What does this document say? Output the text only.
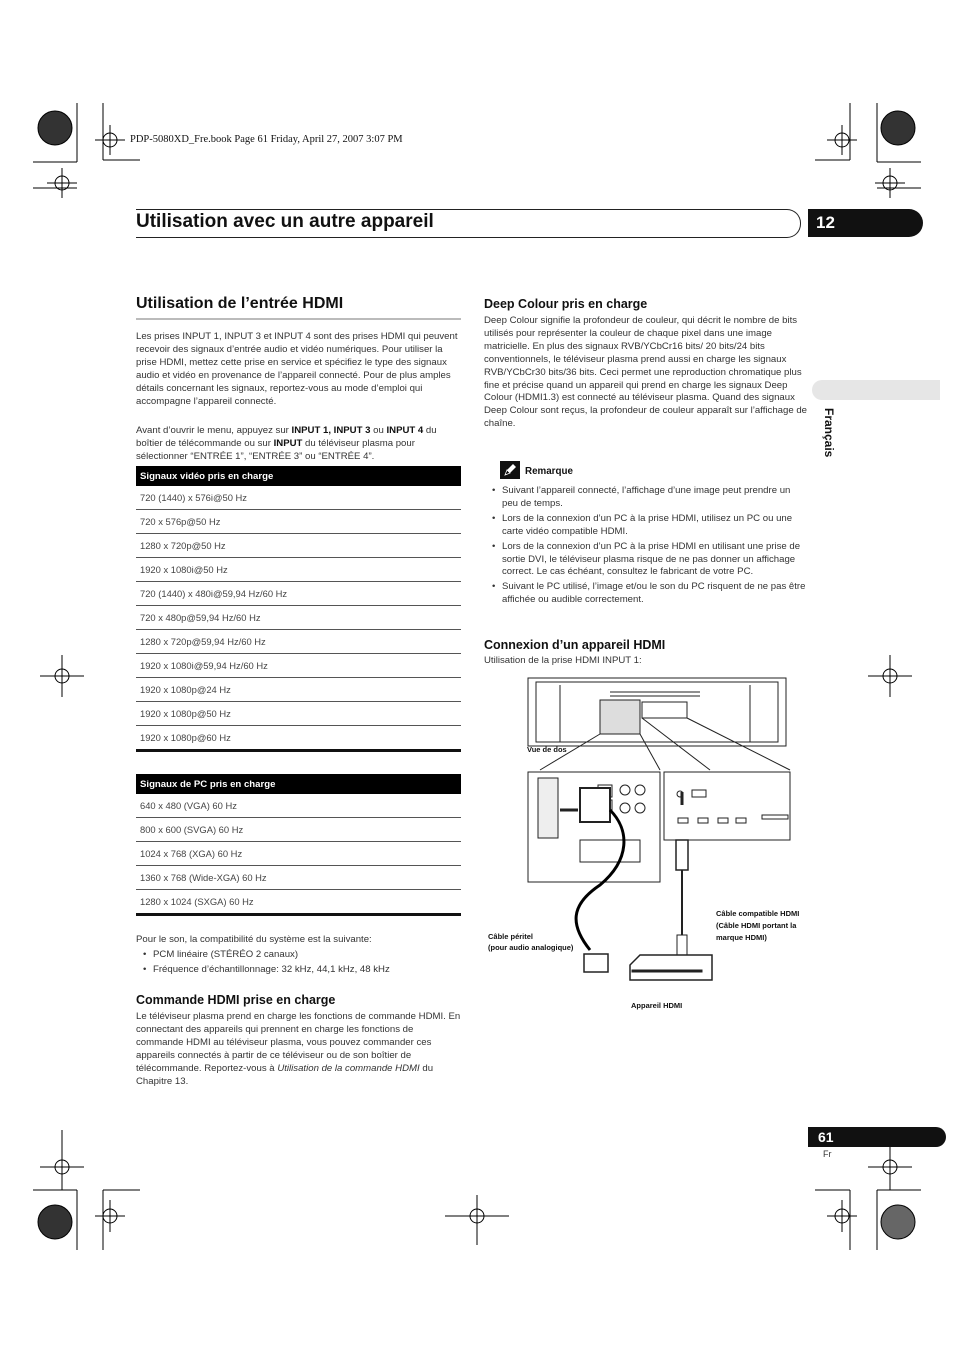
PDP-5080XD_Fre.book Page 61 Friday, April 27, 2007 3:07 PM
Utilisation avec un autre appareil	12
Français
Utilisation de l’entrée HDMI

Les prises INPUT 1, INPUT 3 et INPUT 4 sont des prises HDMI qui peuvent recevoir des signaux d’entrée audio et vidéo numériques. Pour utiliser la prise HDMI, mettez cette prise en service et spécifiez le type des signaux audio et vidéo en provenance de l’appareil connecté. Pour de plus amples détails concernant les signaux, reportez-vous au mode d’emploi qui accompagne l’appareil connecté.

Avant d’ouvrir le menu, appuyez sur INPUT 1, INPUT 3 ou INPUT 4 du boîtier de télécommande ou sur INPUT du téléviseur plasma pour sélectionner “ENTRÉE 1”, “ENTRÉE 3” ou “ENTRÉE 4”.

Signaux vidéo pris en charge
720 (1440) x 576i@50 Hz
720 x 576p@50 Hz
1280 x 720p@50 Hz
1920 x 1080i@50 Hz
720 (1440) x 480i@59,94 Hz/60 Hz
720 x 480p@59,94 Hz/60 Hz
1280 x 720p@59,94 Hz/60 Hz
1920 x 1080i@59,94 Hz/60 Hz
1920 x 1080p@24 Hz
1920 x 1080p@50 Hz
1920 x 1080p@60 Hz
Signaux de PC pris en charge
640 x 480 (VGA) 60 Hz
800 x 600 (SVGA) 60 Hz
1024 x 768 (XGA) 60 Hz
1360 x 768 (Wide-XGA) 60 Hz
1280 x 1024 (SXGA) 60 Hz

Pour le son, la compatibilité du système est la suivante:

• PCM linéaire (STÉRÉO 2 canaux)
• Fréquence d’échantillonnage: 32 kHz, 44,1 kHz, 48 kHz
Commande HDMI prise en charge

Le téléviseur plasma prend en charge les fonctions de commande HDMI. En connectant des appareils qui prennent en charge les fonctions de commande HDMI au téléviseur plasma, vous pouvez commander ces appareils connectés à partir de ce téléviseur ou de son boîtier de télécommande. Reportez-vous à Utilisation de la commande HDMI du Chapitre 13.

Deep Colour pris en charge

Deep Colour signifie la profondeur de couleur, qui décrit le nombre de bits utilisés pour représenter la couleur de chaque pixel dans une image matricielle. En plus des signaux RVB/YCbCr16 bits/ 20 bits/24 bits conventionnels, le téléviseur plasma prend aussi en charge les signaux RVB/YCbCr30 bits/36 bits. Ceci permet une reproduction chromatique plus fine et précise quand un appareil qui prend en charge les signaux Deep Colour (HDMI1.3) est connecté au téléviseur plasma. Quand des signaux Deep Colour sont reçus, la profondeur de couleur apparaît sur l’affichage de chaîne.

Remarque
• Suivant l’appareil connecté, l’affichage d’une image peut prendre un peu de temps.
• Lors de la connexion d’un PC à la prise HDMI, utilisez un PC ou une carte vidéo compatible HDMI.
• Lors de la connexion d’un PC à la prise HDMI en utilisant une prise de sortie DVI, le téléviseur plasma risque de ne pas donner un affichage correct. Le cas échéant, consultez le fabricant de votre PC.
• Suivant le PC utilisé, l’image et/ou le son du PC risquent de ne pas être affichée ou audible correctement.
Connexion d’un appareil HDMI

Utilisation de la prise HDMI INPUT 1:

Vue de dos
Câble péritel
(pour audio analogique)
Câble compatible HDMI
(Câble HDMI portant la
marque HDMI)
Appareil HDMI
61
Fr
